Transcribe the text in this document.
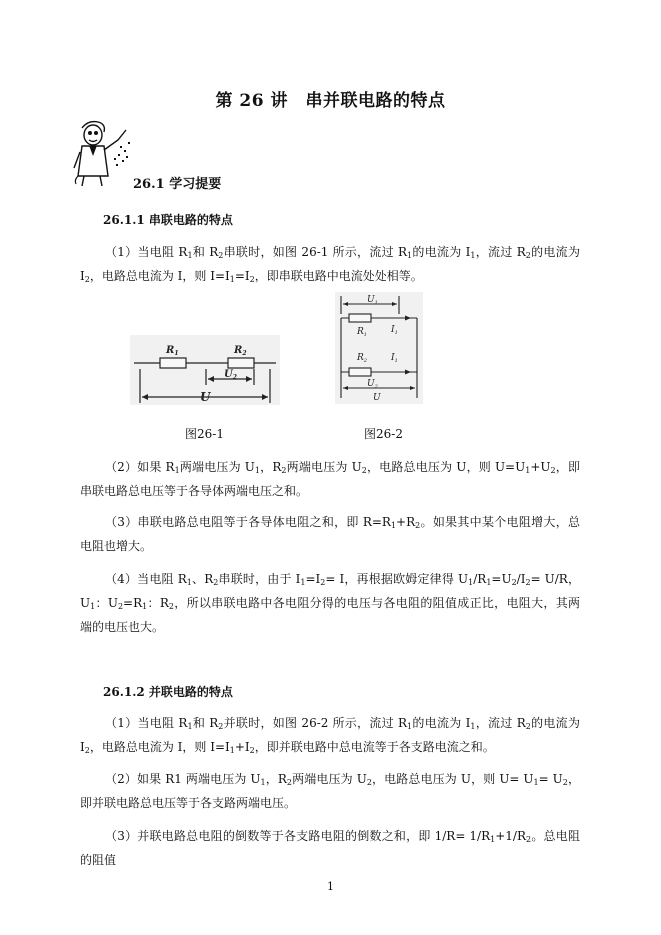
第 26 讲　串并联电路的特点
26.1 学习提要
26.1.1 串联电路的特点
（1）当电阻 $R_1$和 $R_2$串联时，如图 26-1 所示，流过 $R_1$的电流为 $I_1$，流过 $R_2$的电流为 $I_2$，电路总电流为 I，则 $I=I_1=I_2$，即串联电路中电流处处相等。
$R_1$	$R_2$
$U_2$
U
$U_1$
$R_1$	$I_1$
$R_2$	$I_1$
$U_2$
U
图26-1	图26-2
（2）如果 $R_1$两端电压为 $U_1$，$R_2$两端电压为 $U_2$，电路总电压为 U，则 $U=U_1+U_2$，即串联电路总电压等于各导体两端电压之和。
（3）串联电路总电阻等于各导体电阻之和，即 $R=R_1+R_2$。如果其中某个电阻增大，总电阻也增大。
（4）当电阻 $R_1$、$R_2$串联时，由于 $I_1=I_2= I$，再根据欧姆定律得 $U_1/R_1=U_2/I_2= U/R$，$U_1$：$U_2=R_1$：$R_2$，所以串联电路中各电阻分得的电压与各电阻的阻值成正比，电阻大，其两端的电压也大。
26.1.2 并联电路的特点
（1）当电阻 $R_1$和 $R_2$并联时，如图 26-2 所示，流过 $R_1$的电流为 $I_1$，流过 $R_2$的电流为 $I_2$，电路总电流为 I，则 $I=I_1+I_2$，即并联电路中总电流等于各支路电流之和。
（2）如果 R1 两端电压为 $U_1$，$R_2$两端电压为 $U_2$，电路总电压为 U，则 $U= U_1= U_2$，即并联电路总电压等于各支路两端电压。
（3）并联电路总电阻的倒数等于各支路电阻的倒数之和，即 $1/R= 1/R_1+1/R_2$。总电阻的阻值
1
